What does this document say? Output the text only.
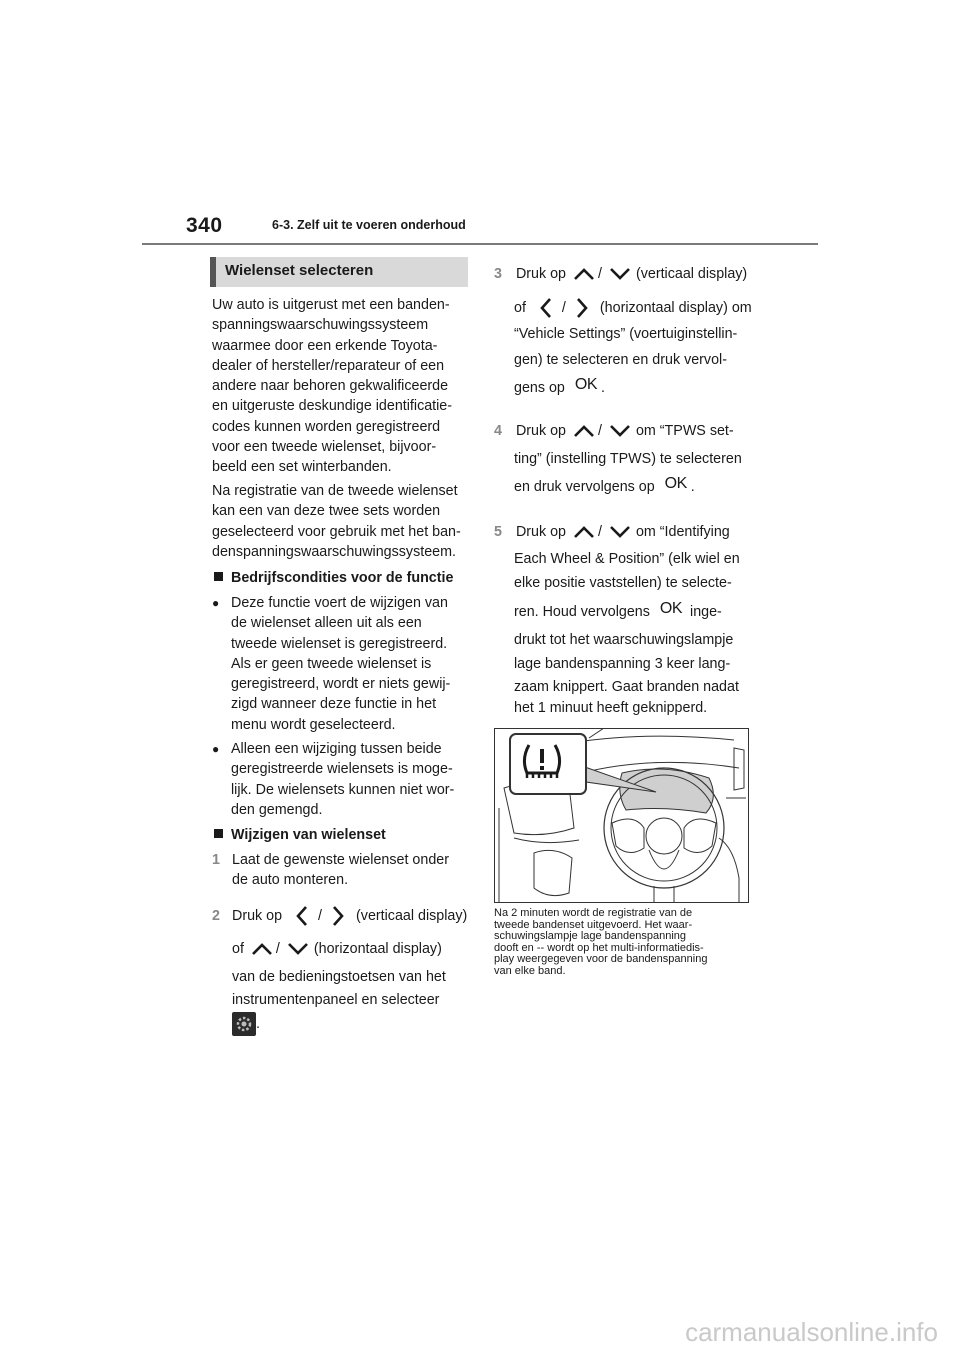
340	6-3. Zelf uit te voeren onderhoud
Wielenset selecteren
Uw auto is uitgerust met een banden-
spanningswaarschuwingssysteem
waarmee door een erkende Toyota-
dealer of hersteller/reparateur of een
andere naar behoren gekwalificeerde
en uitgeruste deskundige identificatie-
codes kunnen worden geregistreerd
voor een tweede wielenset, bijvoor-
beeld een set winterbanden.
Na registratie van de tweede wielenset
kan een van deze twee sets worden
geselecteerd voor gebruik met het ban-
denspanningswaarschuwingssysteem.
Bedrijfscondities voor de functie
● Deze functie voert de wijzigen van
de wielenset alleen uit als een
tweede wielenset is geregistreerd.
Als er geen tweede wielenset is
geregistreerd, wordt er niets gewij-
zigd wanneer deze functie in het
menu wordt geselecteerd.
● Alleen een wijziging tussen beide
geregistreerde wielensets is moge-
lijk. De wielensets kunnen niet wor-
den gemengd.
Wijzigen van wielenset
1 Laat de gewenste wielenset onder
de auto monteren.
2 Druk op	/ (verticaal display)
of / (horizontaal display)
van de bedieningstoetsen van het
instrumentenpaneel en selecteer
.
3 Druk op / (verticaal display)
of	/ (horizontaal display) om
“Vehicle Settings” (voertuiginstellin-
gen) te selecteren en druk vervol-
gens op OK .
4 Druk op / om “TPWS set-
ting” (instelling TPWS) te selecteren
en druk vervolgens op OK .
5 Druk op / om “Identifying
Each Wheel & Position” (elk wiel en
elke positie vaststellen) te selecte-
ren. Houd vervolgens OK inge-
drukt tot het waarschuwingslampje
lage bandenspanning 3 keer lang-
zaam knippert. Gaat branden nadat
het 1 minuut heeft geknipperd.
Na 2 minuten wordt de registratie van de
tweede bandenset uitgevoerd. Het waar-
schuwingslampje lage bandenspanning
dooft en -- wordt op het multi-informatiedis-
play weergegeven voor de bandenspanning
van elke band.
carmanualsonline.info
